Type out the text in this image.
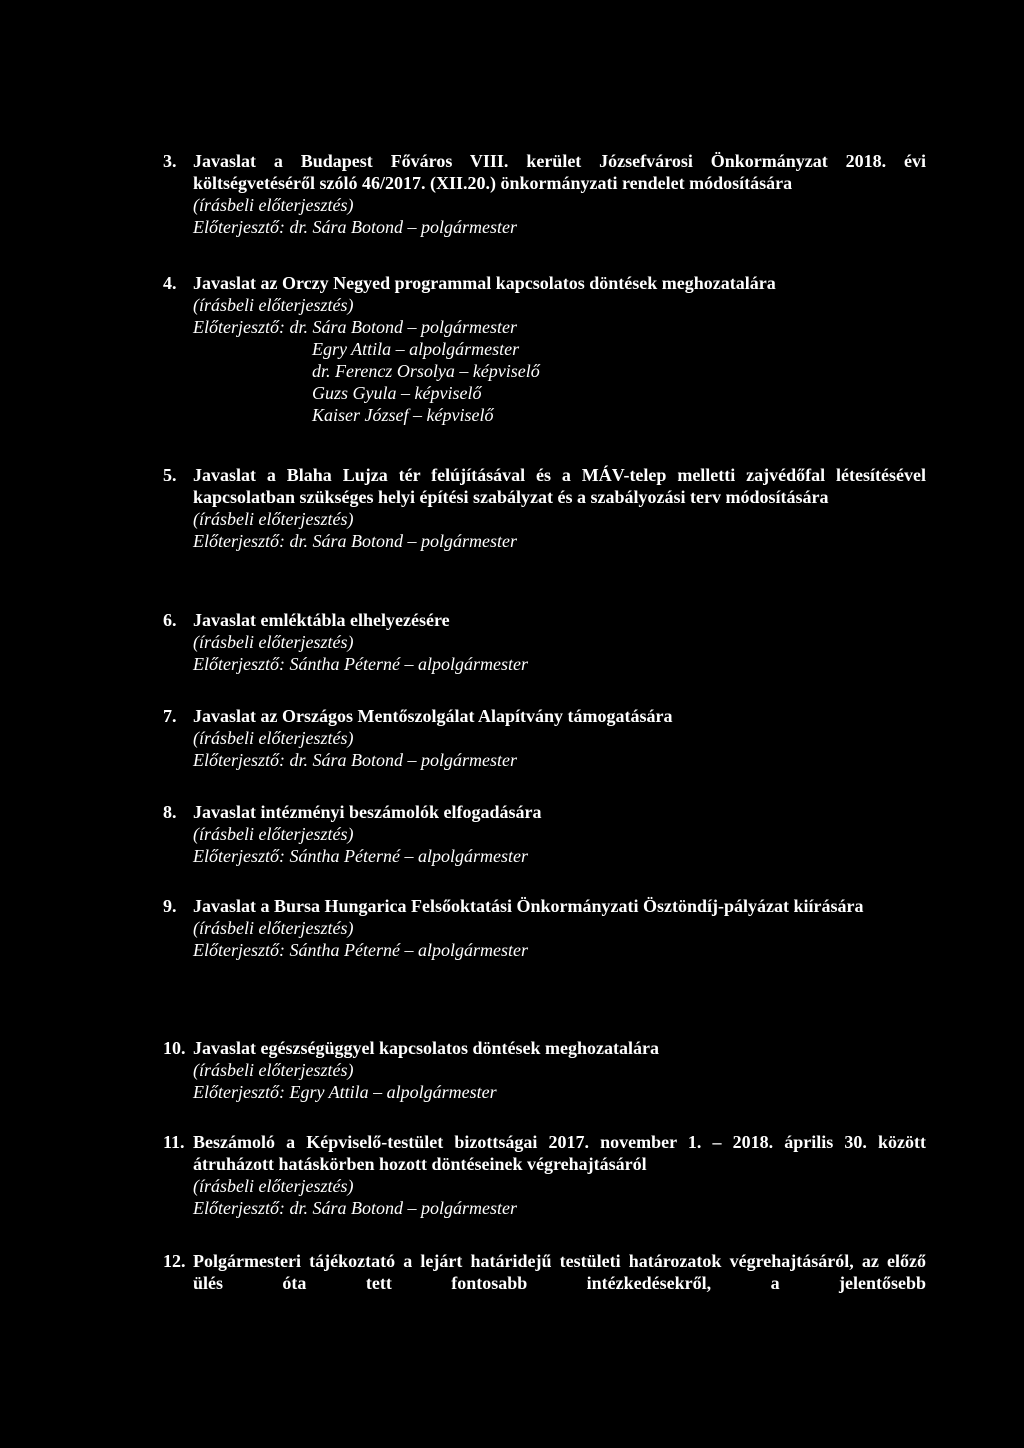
3. Javaslat a Budapest Főváros VIII. kerület Józsefvárosi Önkormányzat 2018. évi költségvetéséről szóló 46/2017. (XII.20.) önkormányzati rendelet módosítására
(írásbeli előterjesztés)
Előterjesztő: dr. Sára Botond – polgármester
4. Javaslat az Orczy Negyed programmal kapcsolatos döntések meghozatalára
(írásbeli előterjesztés)
Előterjesztő: dr. Sára Botond – polgármester
Egry Attila – alpolgármester
dr. Ferencz Orsolya – képviselő
Guzs Gyula – képviselő
Kaiser József – képviselő
5. Javaslat a Blaha Lujza tér felújításával és a MÁV-telep melletti zajvédőfal létesítésével kapcsolatban szükséges helyi építési szabályzat és a szabályozási terv módosítására
(írásbeli előterjesztés)
Előterjesztő: dr. Sára Botond – polgármester
6. Javaslat emléktábla elhelyezésére
(írásbeli előterjesztés)
Előterjesztő: Sántha Péterné – alpolgármester
7. Javaslat az Országos Mentőszolgálat Alapítvány támogatására
(írásbeli előterjesztés)
Előterjesztő: dr. Sára Botond – polgármester
8. Javaslat intézményi beszámolók elfogadására
(írásbeli előterjesztés)
Előterjesztő: Sántha Péterné – alpolgármester
9. Javaslat a Bursa Hungarica Felsőoktatási Önkormányzati Ösztöndíj-pályázat kiírására
(írásbeli előterjesztés)
Előterjesztő: Sántha Péterné – alpolgármester
10. Javaslat egészségüggyel kapcsolatos döntések meghozatalára
(írásbeli előterjesztés)
Előterjesztő: Egry Attila – alpolgármester
11. Beszámoló a Képviselő-testület bizottságai 2017. november 1. – 2018. április 30. között átruházott hatáskörben hozott döntéseinek végrehajtásáról
(írásbeli előterjesztés)
Előterjesztő: dr. Sára Botond – polgármester
12. Polgármesteri tájékoztató a lejárt határidejű testületi határozatok végrehajtásáról, az előző ülés óta tett fontosabb intézkedésekről, a jelentősebb
